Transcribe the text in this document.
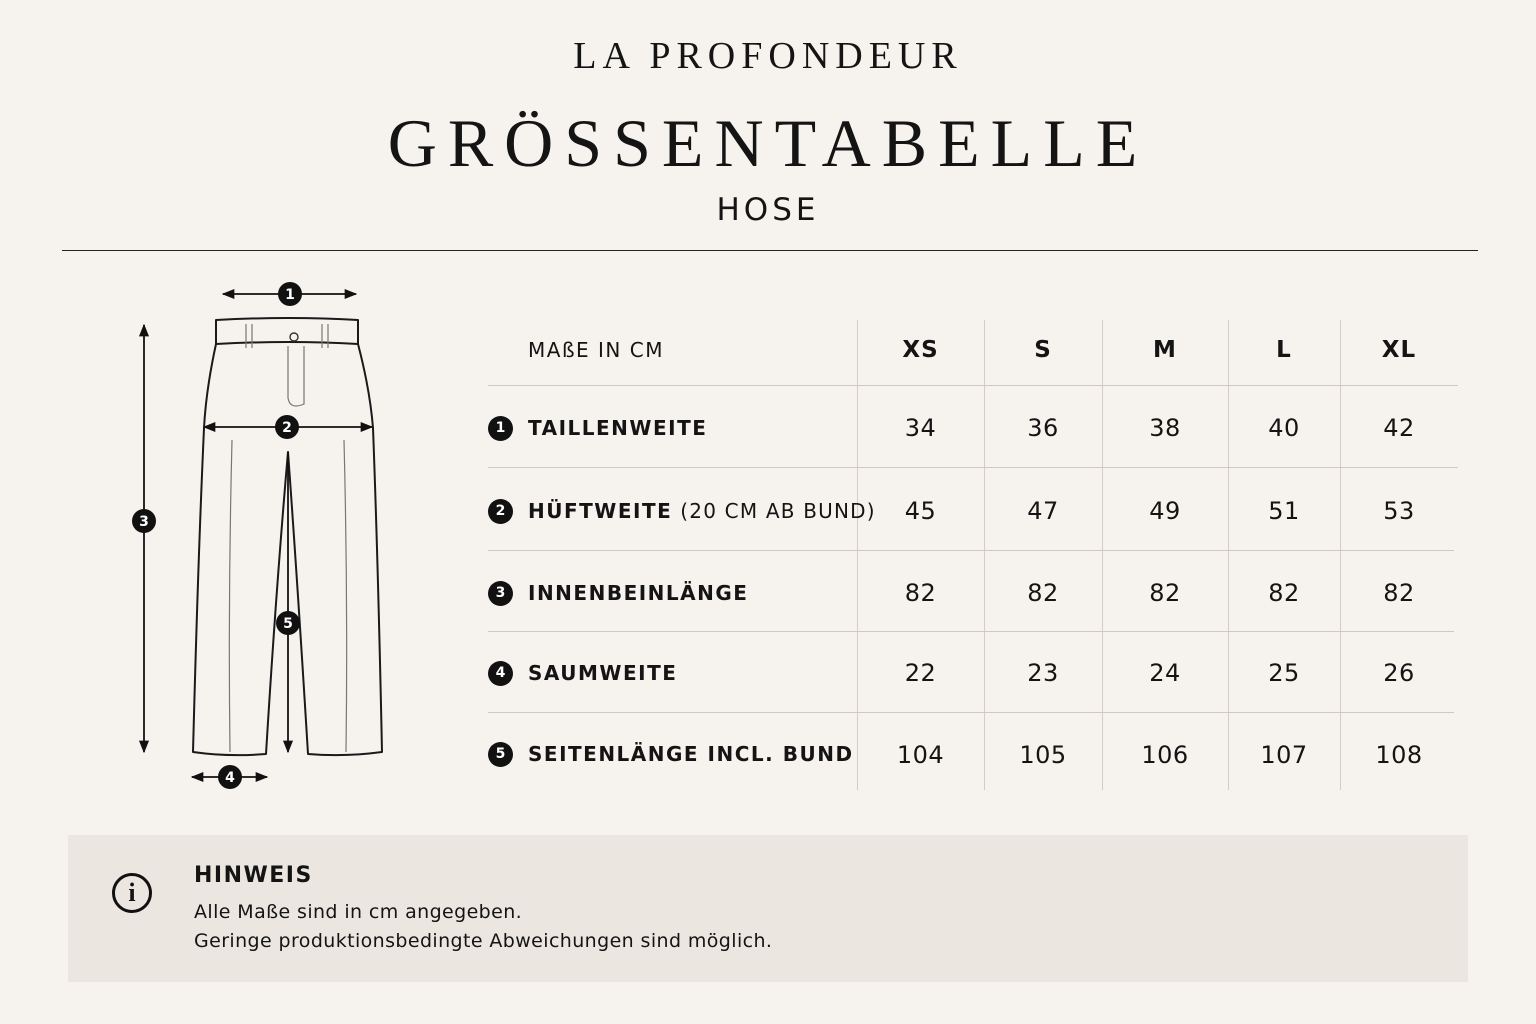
LA PROFONDEUR
GRÖSSENTABELLE
HOSE
1
2
3
4
5
MAßE IN CM	XS	S	M	L	XL
1	TAILLENWEITE	34	36	38	40	42
2	HÜFTWEITE (20 CM AB BUND)	45	47	49	51	53
3	INNENBEINLÄNGE	82	82	82	82	82
4	SAUMWEITE	22	23	24	25	26
5	SEITENLÄNGE INCL. BUND	104	105	106	107	108
i
HINWEIS
Alle Maße sind in cm angegeben.
Geringe produktionsbedingte Abweichungen sind möglich.
